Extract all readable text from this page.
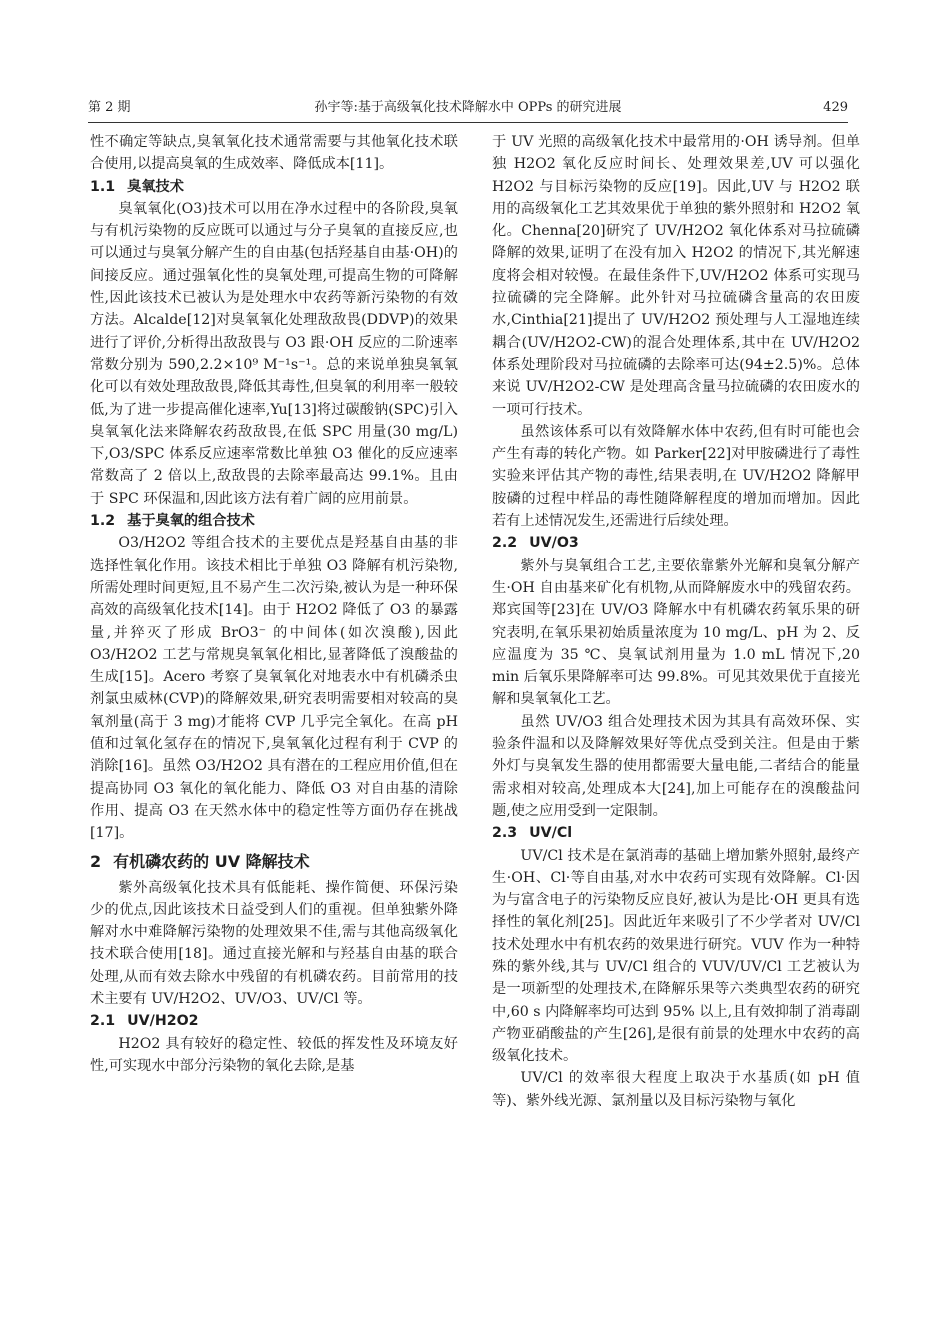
第 2 期	孙宇等:基于高级氧化技术降解水中 OPPs 的研究进展	429

性不确定等缺点,臭氧氧化技术通常需要与其他氧化技术联合使用,以提高臭氧的生成效率、降低成本[11]。

1.1 臭氧技术

臭氧氧化(O3)技术可以用在净水过程中的各阶段,臭氧与有机污染物的反应既可以通过与分子臭氧的直接反应,也可以通过与臭氧分解产生的自由基(包括羟基自由基·OH)的间接反应。通过强氧化性的臭氧处理,可提高生物的可降解性,因此该技术已被认为是处理水中农药等新污染物的有效方法。Alcalde[12]对臭氧氧化处理敌敌畏(DDVP)的效果进行了评价,分析得出敌敌畏与 O3 跟·OH 反应的二阶速率常数分别为 590,2.2×10⁹ M⁻¹s⁻¹。总的来说单独臭氧氧化可以有效处理敌敌畏,降低其毒性,但臭氧的利用率一般较低,为了进一步提高催化速率,Yu[13]将过碳酸钠(SPC)引入臭氧氧化法来降解农药敌敌畏,在低 SPC 用量(30 mg/L)下,O3/SPC 体系反应速率常数比单独 O3 催化的反应速率常数高了 2 倍以上,敌敌畏的去除率最高达 99.1%。且由于 SPC 环保温和,因此该方法有着广阔的应用前景。

1.2 基于臭氧的组合技术

O3/H2O2 等组合技术的主要优点是羟基自由基的非选择性氧化作用。该技术相比于单独 O3 降解有机污染物,所需处理时间更短,且不易产生二次污染,被认为是一种环保高效的高级氧化技术[14]。由于 H2O2 降低了 O3 的暴露量,并猝灭了形成 BrO3⁻ 的中间体(如次溴酸),因此 O3/H2O2 工艺与常规臭氧氧化相比,显著降低了溴酸盐的生成[15]。Acero 考察了臭氧氧化对地表水中有机磷杀虫剂氯虫威林(CVP)的降解效果,研究表明需要相对较高的臭氧剂量(高于 3 mg)才能将 CVP 几乎完全氧化。在高 pH 值和过氧化氢存在的情况下,臭氧氧化过程有利于 CVP 的消除[16]。虽然 O3/H2O2 具有潜在的工程应用价值,但在提高协同 O3 氧化的氧化能力、降低 O3 对自由基的清除作用、提高 O3 在天然水体中的稳定性等方面仍存在挑战[17]。

2 有机磷农药的 UV 降解技术

紫外高级氧化技术具有低能耗、操作简便、环保污染少的优点,因此该技术日益受到人们的重视。但单独紫外降解对水中难降解污染物的处理效果不佳,需与其他高级氧化技术联合使用[18]。通过直接光解和与羟基自由基的联合处理,从而有效去除水中残留的有机磷农药。目前常用的技术主要有 UV/H2O2、UV/O3、UV/Cl 等。

2.1 UV/H2O2

H2O2 具有较好的稳定性、较低的挥发性及环境友好性,可实现水中部分污染物的氧化去除,是基

于 UV 光照的高级氧化技术中最常用的·OH 诱导剂。但单独 H2O2 氧化反应时间长、处理效果差,UV 可以强化 H2O2 与目标污染物的反应[19]。因此,UV 与 H2O2 联用的高级氧化工艺其效果优于单独的紫外照射和 H2O2 氧化。Chenna[20]研究了 UV/H2O2 氧化体系对马拉硫磷降解的效果,证明了在没有加入 H2O2 的情况下,其光解速度将会相对较慢。在最佳条件下,UV/H2O2 体系可实现马拉硫磷的完全降解。此外针对马拉硫磷含量高的农田废水,Cinthia[21]提出了 UV/H2O2 预处理与人工湿地连续耦合(UV/H2O2-CW)的混合处理体系,其中在 UV/H2O2 体系处理阶段对马拉硫磷的去除率可达(94±2.5)%。总体来说 UV/H2O2-CW 是处理高含量马拉硫磷的农田废水的一项可行技术。

虽然该体系可以有效降解水体中农药,但有时可能也会产生有毒的转化产物。如 Parker[22]对甲胺磷进行了毒性实验来评估其产物的毒性,结果表明,在 UV/H2O2 降解甲胺磷的过程中样品的毒性随降解程度的增加而增加。因此若有上述情况发生,还需进行后续处理。

2.2 UV/O3

紫外与臭氧组合工艺,主要依靠紫外光解和臭氧分解产生·OH 自由基来矿化有机物,从而降解废水中的残留农药。郑宾国等[23]在 UV/O3 降解水中有机磷农药氧乐果的研究表明,在氧乐果初始质量浓度为 10 mg/L、pH 为 2、反应温度为 35 ℃、臭氧试剂用量为 1.0 mL 情况下,20 min 后氧乐果降解率可达 99.8%。可见其效果优于直接光解和臭氧氧化工艺。

虽然 UV/O3 组合处理技术因为其具有高效环保、实验条件温和以及降解效果好等优点受到关注。但是由于紫外灯与臭氧发生器的使用都需要大量电能,二者结合的能量需求相对较高,处理成本大[24],加上可能存在的溴酸盐问题,使之应用受到一定限制。

2.3 UV/Cl

UV/Cl 技术是在氯消毒的基础上增加紫外照射,最终产生·OH、Cl·等自由基,对水中农药可实现有效降解。Cl·因为与富含电子的污染物反应良好,被认为是比·OH 更具有选择性的氧化剂[25]。因此近年来吸引了不少学者对 UV/Cl 技术处理水中有机农药的效果进行研究。VUV 作为一种特殊的紫外线,其与 UV/Cl 组合的 VUV/UV/Cl 工艺被认为是一项新型的处理技术,在降解乐果等六类典型农药的研究中,60 s 内降解率均可达到 95% 以上,且有效抑制了消毒副产物亚硝酸盐的产生[26],是很有前景的处理水中农药的高级氧化技术。

UV/Cl 的效率很大程度上取决于水基质(如 pH 值等)、紫外线光源、氯剂量以及目标污染物与氧化
